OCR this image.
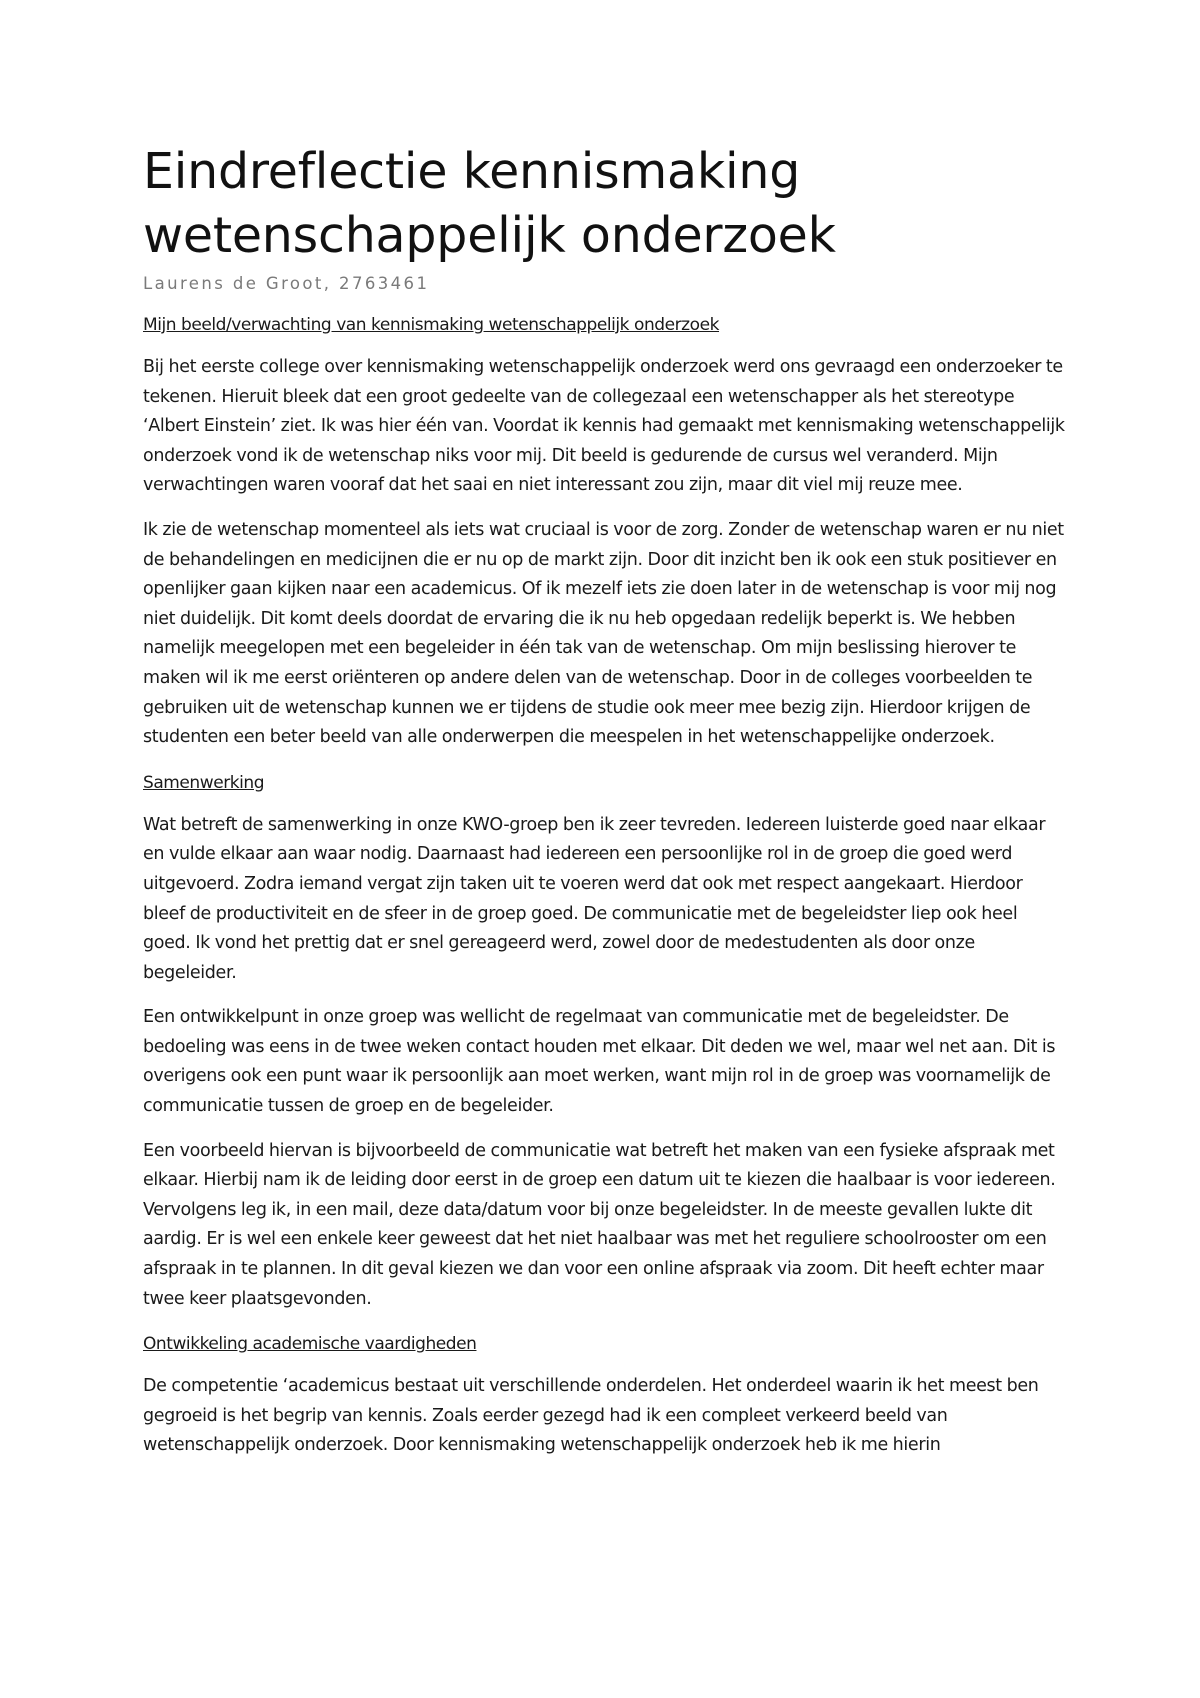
Eindreflectie kennismaking
wetenschappelijk onderzoek

Laurens de Groot, 2763461

Mijn beeld/verwachting van kennismaking wetenschappelijk onderzoek

Bij het eerste college over kennismaking wetenschappelijk onderzoek werd ons gevraagd een onderzoeker te tekenen. Hieruit bleek dat een groot gedeelte van de collegezaal een wetenschapper als het stereotype ‘Albert Einstein’ ziet. Ik was hier één van. Voordat ik kennis had gemaakt met kennismaking wetenschappelijk onderzoek vond ik de wetenschap niks voor mij. Dit beeld is gedurende de cursus wel veranderd. Mijn verwachtingen waren vooraf dat het saai en niet interessant zou zijn, maar dit viel mij reuze mee.

Ik zie de wetenschap momenteel als iets wat cruciaal is voor de zorg. Zonder de wetenschap waren er nu niet de behandelingen en medicijnen die er nu op de markt zijn. Door dit inzicht ben ik ook een stuk positiever en openlijker gaan kijken naar een academicus. Of ik mezelf iets zie doen later in de wetenschap is voor mij nog niet duidelijk. Dit komt deels doordat de ervaring die ik nu heb opgedaan redelijk beperkt is. We hebben namelijk meegelopen met een begeleider in één tak van de wetenschap. Om mijn beslissing hierover te maken wil ik me eerst oriënteren op andere delen van de wetenschap. Door in de colleges voorbeelden te gebruiken uit de wetenschap kunnen we er tijdens de studie ook meer mee bezig zijn. Hierdoor krijgen de studenten een beter beeld van alle onderwerpen die meespelen in het wetenschappelijke onderzoek.

Samenwerking

Wat betreft de samenwerking in onze KWO-groep ben ik zeer tevreden. Iedereen luisterde goed naar elkaar en vulde elkaar aan waar nodig. Daarnaast had iedereen een persoonlijke rol in de groep die goed werd uitgevoerd. Zodra iemand vergat zijn taken uit te voeren werd dat ook met respect aangekaart. Hierdoor bleef de productiviteit en de sfeer in de groep goed. De communicatie met de begeleidster liep ook heel goed. Ik vond het prettig dat er snel gereageerd werd, zowel door de medestudenten als door onze begeleider.

Een ontwikkelpunt in onze groep was wellicht de regelmaat van communicatie met de begeleidster. De bedoeling was eens in de twee weken contact houden met elkaar. Dit deden we wel, maar wel net aan. Dit is overigens ook een punt waar ik persoonlijk aan moet werken, want mijn rol in de groep was voornamelijk de communicatie tussen de groep en de begeleider.

Een voorbeeld hiervan is bijvoorbeeld de communicatie wat betreft het maken van een fysieke afspraak met elkaar. Hierbij nam ik de leiding door eerst in de groep een datum uit te kiezen die haalbaar is voor iedereen. Vervolgens leg ik, in een mail, deze data/datum voor bij onze begeleidster. In de meeste gevallen lukte dit aardig. Er is wel een enkele keer geweest dat het niet haalbaar was met het reguliere schoolrooster om een afspraak in te plannen. In dit geval kiezen we dan voor een online afspraak via zoom. Dit heeft echter maar twee keer plaatsgevonden.

Ontwikkeling academische vaardigheden

De competentie ‘academicus bestaat uit verschillende onderdelen. Het onderdeel waarin ik het meest ben gegroeid is het begrip van kennis. Zoals eerder gezegd had ik een compleet verkeerd beeld van wetenschappelijk onderzoek. Door kennismaking wetenschappelijk onderzoek heb ik me hierin
